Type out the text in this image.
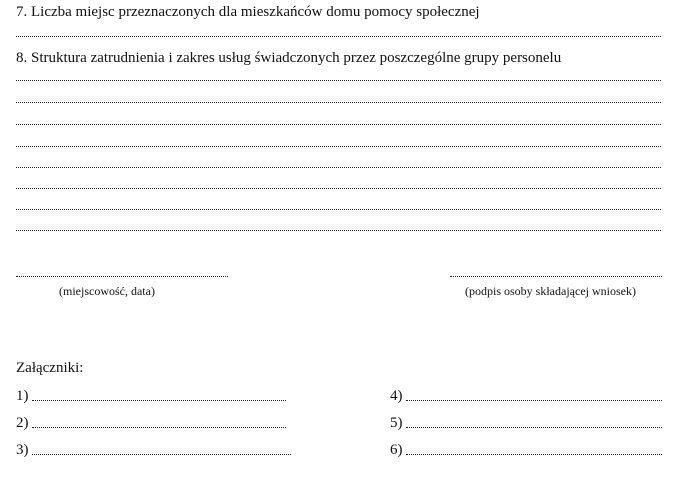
7. Liczba miejsc przeznaczonych dla mieszkańców domu pomocy społecznej
8. Struktura zatrudnienia i zakres usług świadczonych przez poszczególne grupy personelu
(miejscowość, data)	(podpis osoby składającej wniosek)
Załączniki:
1)
2)
3)
4)
5)
6)
